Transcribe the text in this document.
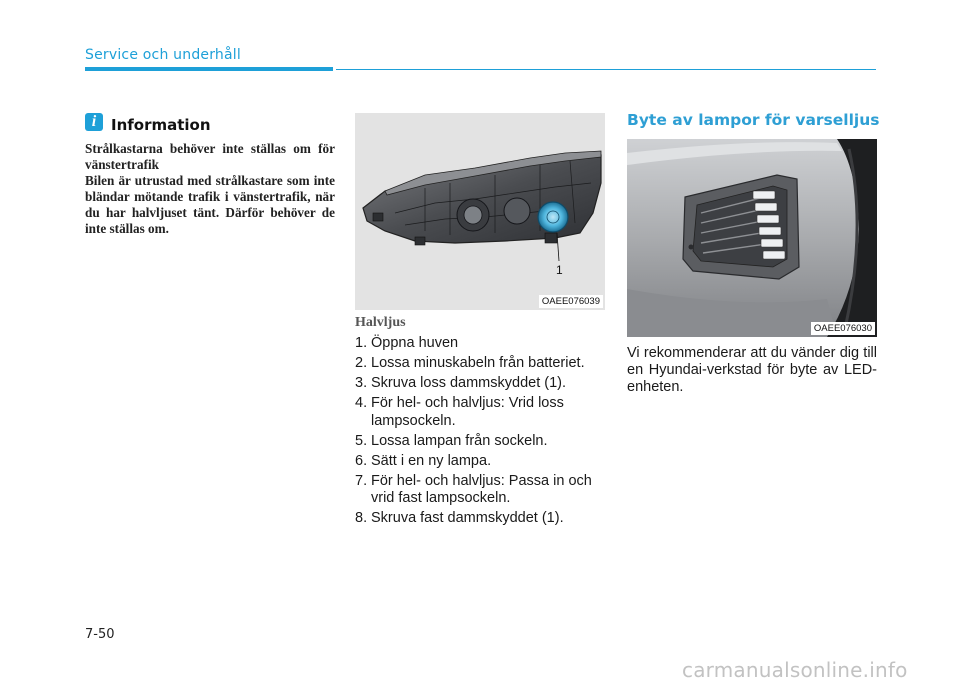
Service och underhåll
i Information

Strålkastarna behöver inte ställas om för vänstertrafik

Bilen är utrustad med strålkastare som inte bländar mötande trafik i vänstertrafik, när du har halvljuset tänt. Därför behöver de inte ställas om.

1
OAEE076039
Halvljus
1. Öppna huven
2. Lossa minuskabeln från batteriet.
3. Skruva loss dammskyddet (1).
4. För hel- och halvljus: Vrid loss lampsockeln.
5. Lossa lampan från sockeln.
6. Sätt i en ny lampa.
7. För hel- och halvljus: Passa in och vrid fast lampsockeln.
8. Skruva fast dammskyddet (1).
Byte av lampor för varselljus
OAEE076030
Vi rekommenderar att du vänder dig till en Hyundai-verkstad för byte av LED-enheten.
7-50
carmanualsonline.info
